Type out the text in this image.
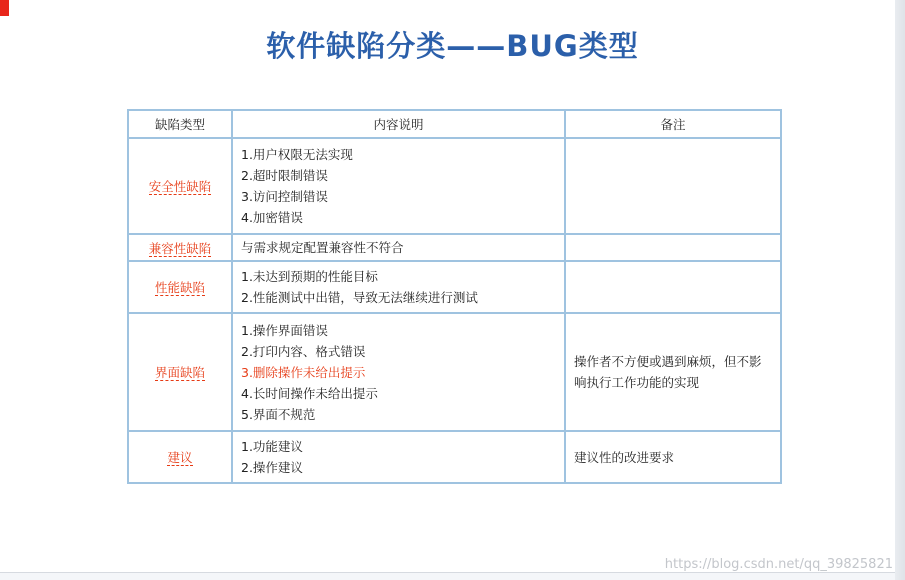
软件缺陷分类——BUG类型
缺陷类型	内容说明	备注
安全性缺陷	1.用户权限无法实现
2.超时限制错误
3.访问控制错误
4.加密错误	

兼容性缺陷	与需求规定配置兼容性不符合	

性能缺陷	1.未达到预期的性能目标
2.性能测试中出错，导致无法继续进行测试	

界面缺陷	1.操作界面错误
2.打印内容、格式错误
3.删除操作未给出提示
4.长时间操作未给出提示
5.界面不规范	操作者不方便或遇到麻烦，但不影响执行工作功能的实现
建议	1.功能建议
2.操作建议	建议性的改进要求
https://blog.csdn.net/qq_39825821
